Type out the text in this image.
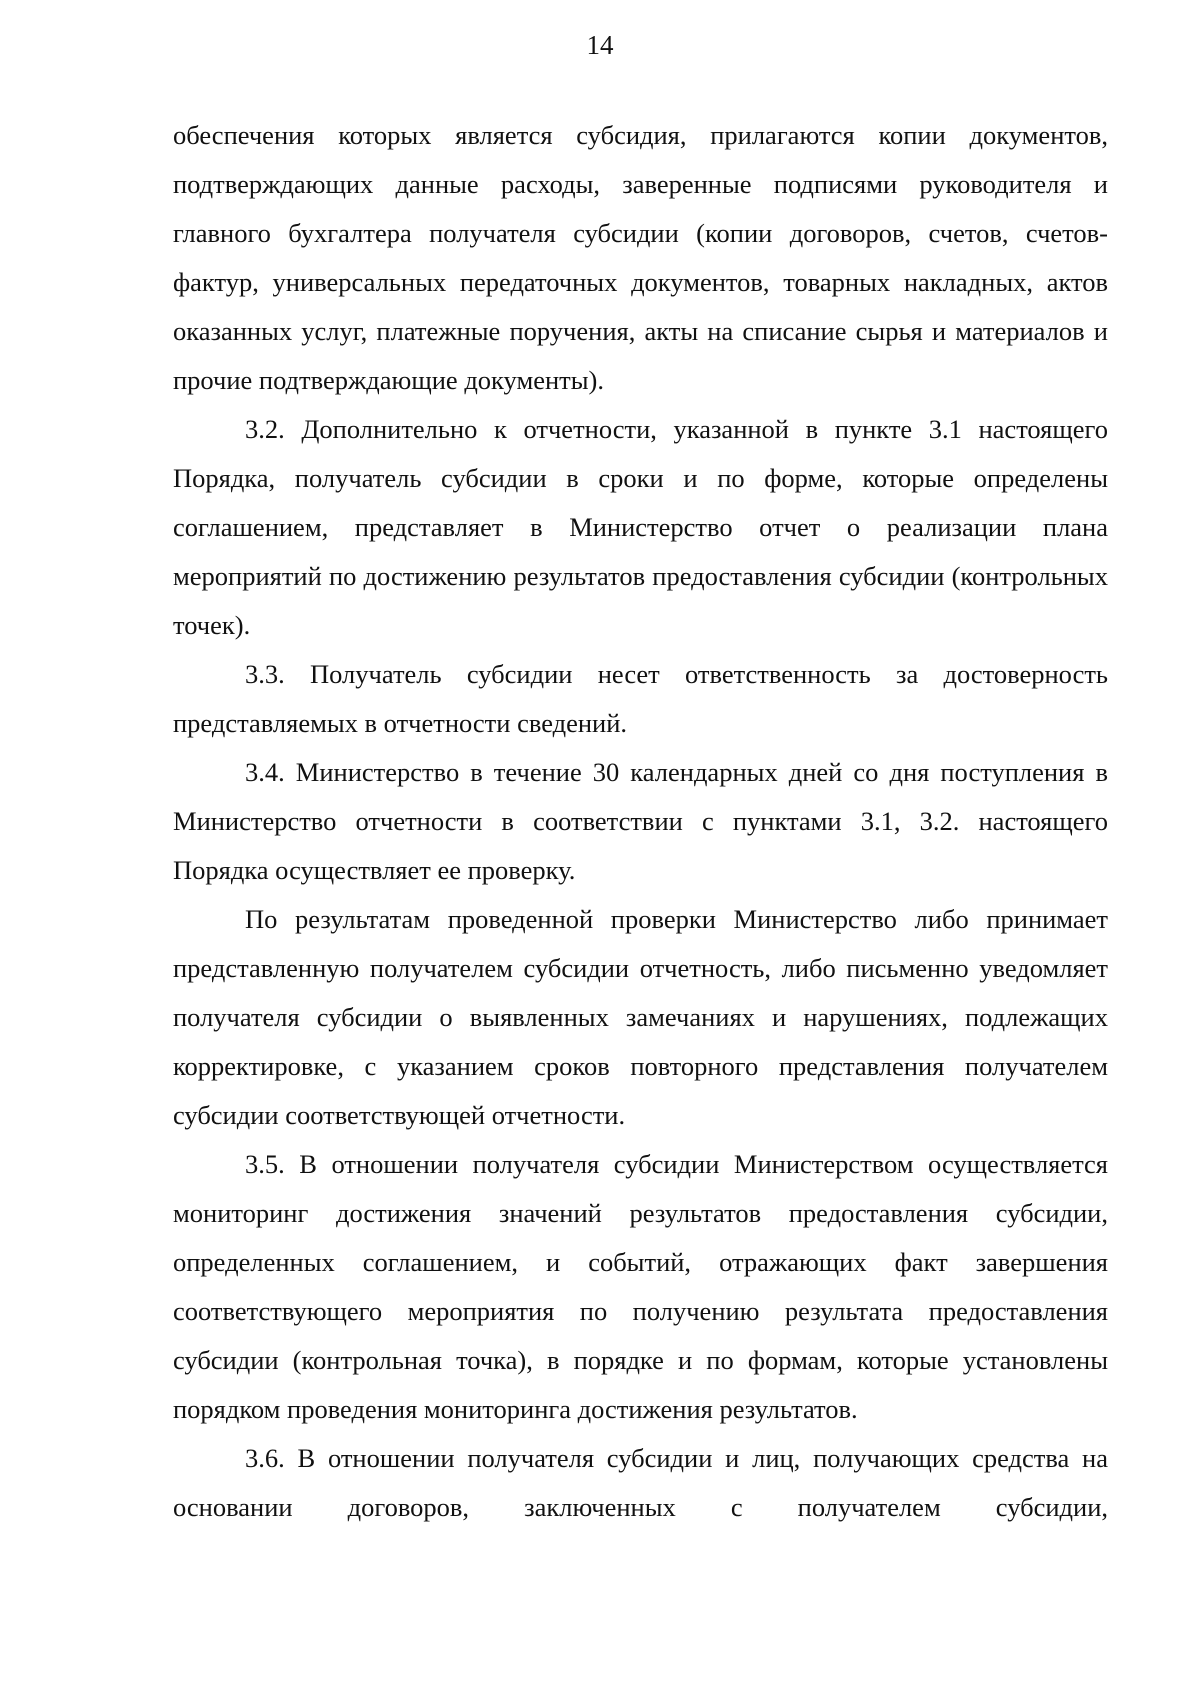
14

обеспечения которых является субсидия, прилагаются копии документов, подтверждающих данные расходы, заверенные подписями руководителя и главного бухгалтера получателя субсидии (копии договоров, счетов, счетов-фактур, универсальных передаточных документов, товарных накладных, актов оказанных услуг, платежные поручения, акты на списание сырья и материалов и прочие подтверждающие документы).

3.2. Дополнительно к отчетности, указанной в пункте 3.1 настоящего Порядка, получатель субсидии в сроки и по форме, которые определены соглашением, представляет в Министерство отчет о реализации плана мероприятий по достижению результатов предоставления субсидии (контрольных точек).

3.3. Получатель субсидии несет ответственность за достоверность представляемых в отчетности сведений.

3.4. Министерство в течение 30 календарных дней со дня поступления в Министерство отчетности в соответствии с пунктами 3.1, 3.2. настоящего Порядка осуществляет ее проверку.

По результатам проведенной проверки Министерство либо принимает представленную получателем субсидии отчетность, либо письменно уведомляет получателя субсидии о выявленных замечаниях и нарушениях, подлежащих корректировке, с указанием сроков повторного представления получателем субсидии соответствующей отчетности.

3.5. В отношении получателя субсидии Министерством осуществляется мониторинг достижения значений результатов предоставления субсидии, определенных соглашением, и событий, отражающих факт завершения соответствующего мероприятия по получению результата предоставления субсидии (контрольная точка), в порядке и по формам, которые установлены порядком проведения мониторинга достижения результатов.

3.6. В отношении получателя субсидии и лиц, получающих средства на основании договоров, заключенных с получателем субсидии,
